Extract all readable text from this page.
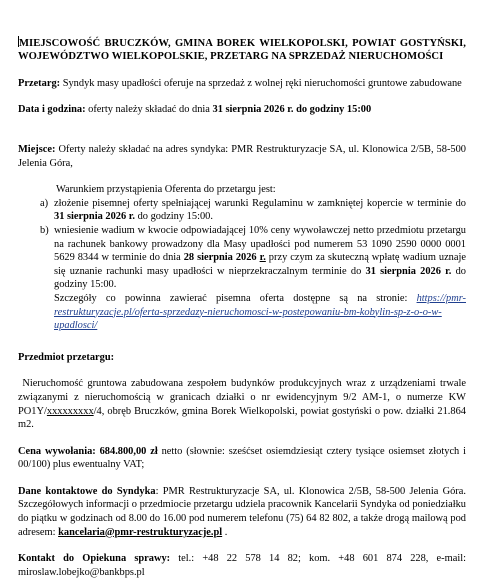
MIEJSCOWOŚĆ BRUCZKÓW, GMINA BOREK WIELKOPOLSKI, POWIAT GOSTYŃSKI, WOJEWÓDZTWO WIELKOPOLSKIE, PRZETARG NA SPRZEDAŻ NIERUCHOMOŚCI

Przetarg: Syndyk masy upadłości oferuje na sprzedaż z wolnej ręki nieruchomości gruntowe zabudowane

Data i godzina: oferty należy składać do dnia 31 sierpnia 2026 r. do godziny 15:00

Miejsce: Oferty należy składać na adres syndyka: PMR Restrukturyzacje SA, ul. Klonowica 2/5B, 58-500 Jelenia Góra,

Warunkiem przystąpienia Oferenta do przetargu jest:

a) złożenie pisemnej oferty spełniającej warunki Regulaminu w zamkniętej kopercie w terminie do 31 sierpnia 2026 r. do godziny 15:00.
b) wniesienie wadium w kwocie odpowiadającej 10% ceny wywoławczej netto przedmiotu przetargu na rachunek bankowy prowadzony dla Masy upadłości pod numerem 53 1090 2590 0000 0001 5629 8344 w terminie do dnia 28 sierpnia 2026 r. przy czym za skuteczną wpłatę wadium uznaje się uznanie rachunki masy upadłości w nieprzekraczalnym terminie do 31 sierpnia 2026 r. do godziny 15:00.
Szczegóły co powinna zawierać pisemna oferta dostępne są na stronie: https://pmr-restrukturyzacje.pl/oferta-sprzedazy-nieruchomosci-w-postepowaniu-bm-kobylin-sp-z-o-o-w-upadlosci/

Przedmiot przetargu:

Nieruchomość gruntowa zabudowana zespołem budynków produkcyjnych wraz z urządzeniami trwale związanymi z nieruchomością w granicach działki o nr ewidencyjnym 9/2 AM-1, o numerze KW PO1Y/xxxxxxxxx/4, obręb Bruczków, gmina Borek Wielkopolski, powiat gostyński o pow. działki 21.864 m2.

Cena wywołania: 684.800,00 zł netto (słownie: sześćset osiemdziesiąt cztery tysiące osiemset złotych i 00/100) plus ewentualny VAT;

Dane kontaktowe do Syndyka: PMR Restrukturyzacje SA, ul. Klonowica 2/5B, 58-500 Jelenia Góra. Szczegółowych informacji o przedmiocie przetargu udziela pracownik Kancelarii Syndyka od poniedziałku do piątku w godzinach od 8.00 do 16.00 pod numerem telefonu (75) 64 82 802, a także drogą mailową pod adresem: kancelaria@pmr-restrukturyzacje.pl .

Kontakt do Opiekuna sprawy: tel.: +48 22 578 14 82; kom. +48 601 874 228, e-mail: miroslaw.lobejko@bankbps.pl
